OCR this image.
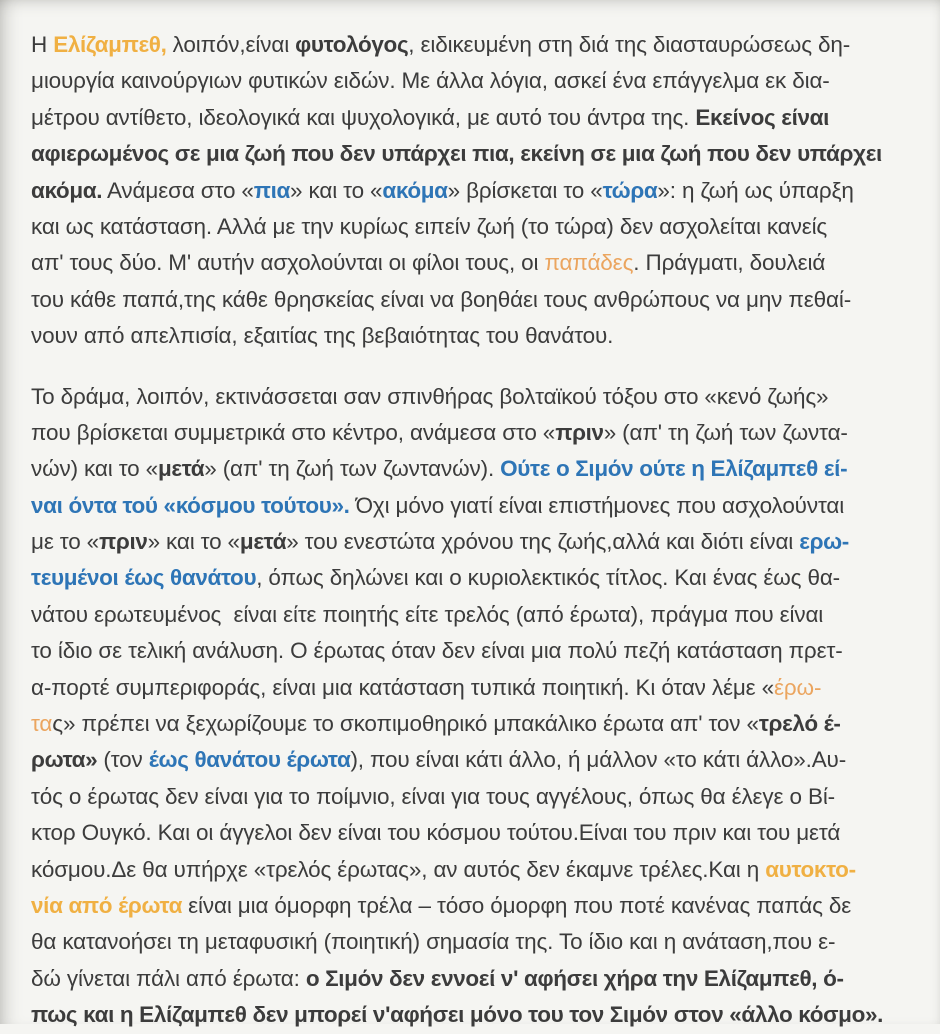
Η Ελίζαμπεθ, λοιπόν,είναι φυτολόγος, ειδικευμένη στη διά της διασταυρώσεως δη-
μιουργία καινούργιων φυτικών ειδών. Με άλλα λόγια, ασκεί ένα επάγγελμα εκ δια-
μέτρου αντίθετο, ιδεολογικά και ψυχολογικά, με αυτό του άντρα της. Εκείνος είναι
αφιερωμένος σε μια ζωή που δεν υπάρχει πια, εκείνη σε μια ζωή που δεν υπάρχει
ακόμα. Ανάμεσα στο «πια» και το «ακόμα» βρίσκεται το «τώρα»: η ζωή ως ύπαρξη
και ως κατάσταση. Αλλά με την κυρίως ειπείν ζωή (το τώρα) δεν ασχολείται κανείς
απ' τους δύο. Μ' αυτήν ασχολούνται οι φίλοι τους, οι παπάδες. Πράγματι, δουλειά
του κάθε παπά,της κάθε θρησκείας είναι να βοηθάει τους ανθρώπους να μην πεθαί-
νουν από απελπισία, εξαιτίας της βεβαιότητας του θανάτου.
Το δράμα, λοιπόν, εκτινάσσεται σαν σπινθήρας βολταϊκού τόξου στο «κενό ζωής»
που βρίσκεται συμμετρικά στο κέντρο, ανάμεσα στο «πριν» (απ' τη ζωή των ζωντα-
νών) και το «μετά» (απ' τη ζωή των ζωντανών). Ούτε ο Σιμόν ούτε η Ελίζαμπεθ εί-
ναι όντα τού «κόσμου τούτου». Όχι μόνο γιατί είναι επιστήμονες που ασχολούνται
με το «πριν» και το «μετά» του ενεστώτα χρόνου της ζωής,αλλά και διότι είναι ερω-
τευμένοι έως θανάτου, όπως δηλώνει και ο κυριολεκτικός τίτλος. Και ένας έως θα-
νάτου ερωτευμένος  είναι είτε ποιητής είτε τρελός (από έρωτα), πράγμα που είναι
το ίδιο σε τελική ανάλυση. Ο έρωτας όταν δεν είναι μια πολύ πεζή κατάσταση πρετ-
α-πορτέ συμπεριφοράς, είναι μια κατάσταση τυπικά ποιητική. Κι όταν λέμε «έρω-
τας» πρέπει να ξεχωρίζουμε το σκοπιμοθηρικό μπακάλικο έρωτα απ' τον «τρελό έ-
ρωτα» (τον έως θανάτου έρωτα), που είναι κάτι άλλο, ή μάλλον «το κάτι άλλο».Αυ-
τός ο έρωτας δεν είναι για το ποίμνιο, είναι για τους αγγέλους, όπως θα έλεγε ο Βί-
κτορ Ουγκό. Και οι άγγελοι δεν είναι του κόσμου τούτου.Είναι του πριν και του μετά
κόσμου.Δε θα υπήρχε «τρελός έρωτας», αν αυτός δεν έκαμνε τρέλες.Και η αυτοκτο-
νία από έρωτα είναι μια όμορφη τρέλα – τόσο όμορφη που ποτέ κανένας παπάς δε
θα κατανοήσει τη μεταφυσική (ποιητική) σημασία της. Το ίδιο και η ανάταση,που ε-
δώ γίνεται πάλι από έρωτα: ο Σιμόν δεν εννοεί ν' αφήσει χήρα την Ελίζαμπεθ, ό-
πως και η Ελίζαμπεθ δεν μπορεί ν'αφήσει μόνο του τον Σιμόν στον «άλλο κόσμο».
